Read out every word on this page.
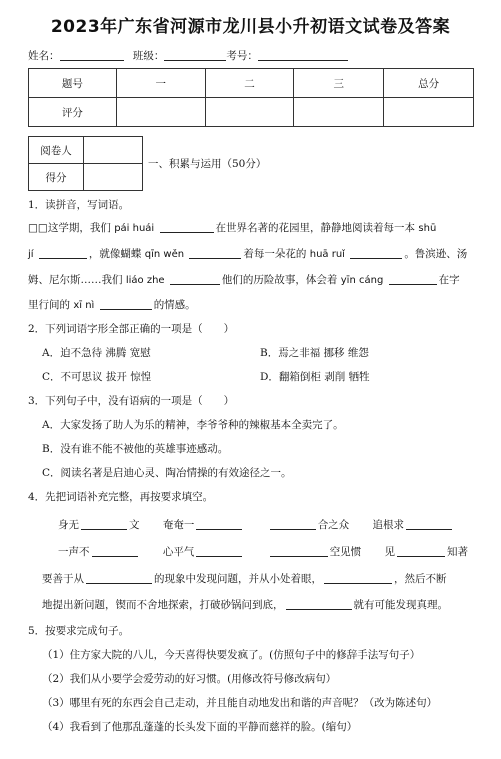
2023年广东省河源市龙川县小升初语文试卷及答案
姓名：	班级：	考号：
题号	一	二	三	总分
评分				
阅卷人	
得分	
一、积累与运用（50分）
1．读拼音，写词语。
□□这学期，我们 pái huái	在世界名著的花园里，静静地阅读着每一本 shū
jí	，就像蝴蝶 qīn wěn	着每一朵花的 huā ruǐ	。鲁滨逊、汤
姆、尼尔斯……我们 liáo zhe	他们的历险故事，体会着 yīn cáng	在字
里行间的 xī nì	的情感。
2．下列词语字形全部正确的一项是（　　）
A．迫不急待 沸腾 宽慰	B．焉之非福 挪移 维怨
C．不可思议 拔开 惊惶	D．翻箱倒柜 剥削 牺牲
3．下列句子中，没有语病的一项是（　　）
A．大家发扬了助人为乐的精神，李爷爷种的辣椒基本全卖完了。
B．没有谁不能不被他的英雄事迹感动。
C．阅读名著是启迪心灵、陶冶情操的有效途径之一。
4．先把词语补充完整，再按要求填空。
身无	文 奄奄一	合之众 追根求
一声不	心平气	空见惯 见	知著
要善于从	的现象中发现问题，并从小处着眼，	，然后不断
地提出新问题，锲而不舍地探索，打破砂锅问到底，	就有可能发现真理。
5．按要求完成句子。
（1）住方家大院的八儿，今天喜得快要发疯了。(仿照句子中的修辞手法写句子）
（2）我们从小要学会爱劳动的好习惯。(用修改符号修改病句）
（3）哪里有死的东西会自己走动，并且能自动地发出和谐的声音呢？（改为陈述句）
（4）我看到了他那乱蓬蓬的长头发下面的平静而慈祥的脸。(缩句）
